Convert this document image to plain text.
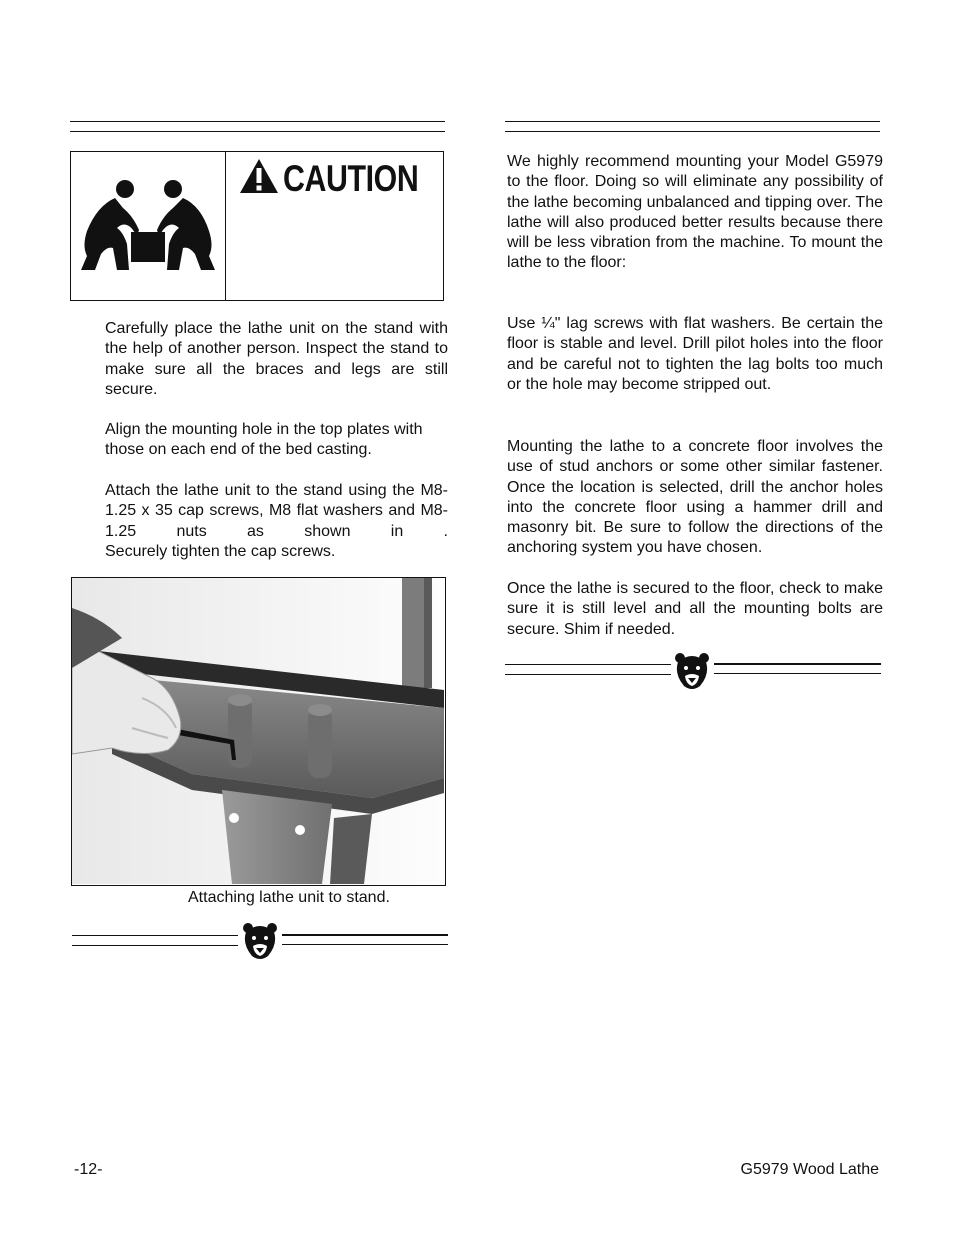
CAUTION
Carefully place the lathe unit on the stand with the help of another person. Inspect the stand to make sure all the braces and legs are still secure.
Align the mounting hole in the top plates with those on each end of the bed casting.
Attach the lathe unit to the stand using the M8-1.25 x 35 cap screws, M8 flat washers and M8-1.25 nuts as shown in .
Securely tighten the cap screws.
Attaching lathe unit to stand.
We highly recommend mounting your Model G5979 to the floor. Doing so will eliminate any possibility of the lathe becoming unbalanced and tipping over. The lathe will also produced better results because there will be less vibration from the machine. To mount the lathe to the floor:
Use ¼" lag screws with flat washers. Be certain the floor is stable and level. Drill pilot holes into the floor and be careful not to tighten the lag bolts too much or the hole may become stripped out.
Mounting the lathe to a concrete floor involves the use of stud anchors or some other similar fastener. Once the location is selected, drill the anchor holes into the concrete floor using a hammer drill and masonry bit. Be sure to follow the directions of the anchoring system you have chosen.
Once the lathe is secured to the floor, check to make sure it is still level and all the mounting bolts are secure. Shim if needed.
-12-	G5979 Wood Lathe
